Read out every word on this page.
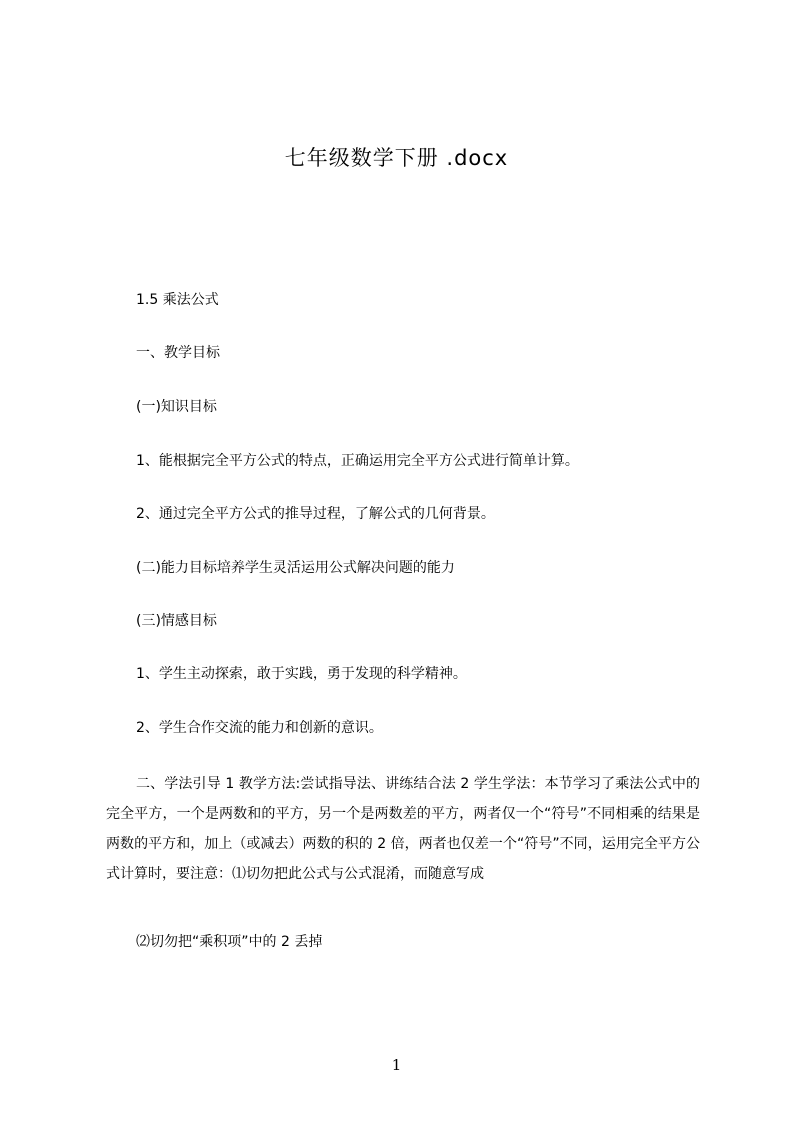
七年级数学下册 .docx
1.5 乘法公式
一、教学目标
(一)知识目标
1、能根据完全平方公式的特点，正确运用完全平方公式进行简单计算。
2、通过完全平方公式的推导过程，了解公式的几何背景。
(二)能力目标培养学生灵活运用公式解决问题的能力
(三)情感目标
1、学生主动探索，敢于实践，勇于发现的科学精神。
2、学生合作交流的能力和创新的意识。
二、学法引导 1 教学方法:尝试指导法、讲练结合法 2 学生学法：本节学习了乘法公式中的完全平方，一个是两数和的平方，另一个是两数差的平方，两者仅一个“符号”不同相乘的结果是两数的平方和，加上（或减去）两数的积的 2 倍，两者也仅差一个“符号”不同，运用完全平方公式计算时，要注意：⑴切勿把此公式与公式混淆，而随意写成
⑵切勿把“乘积项”中的 2 丢掉
1
